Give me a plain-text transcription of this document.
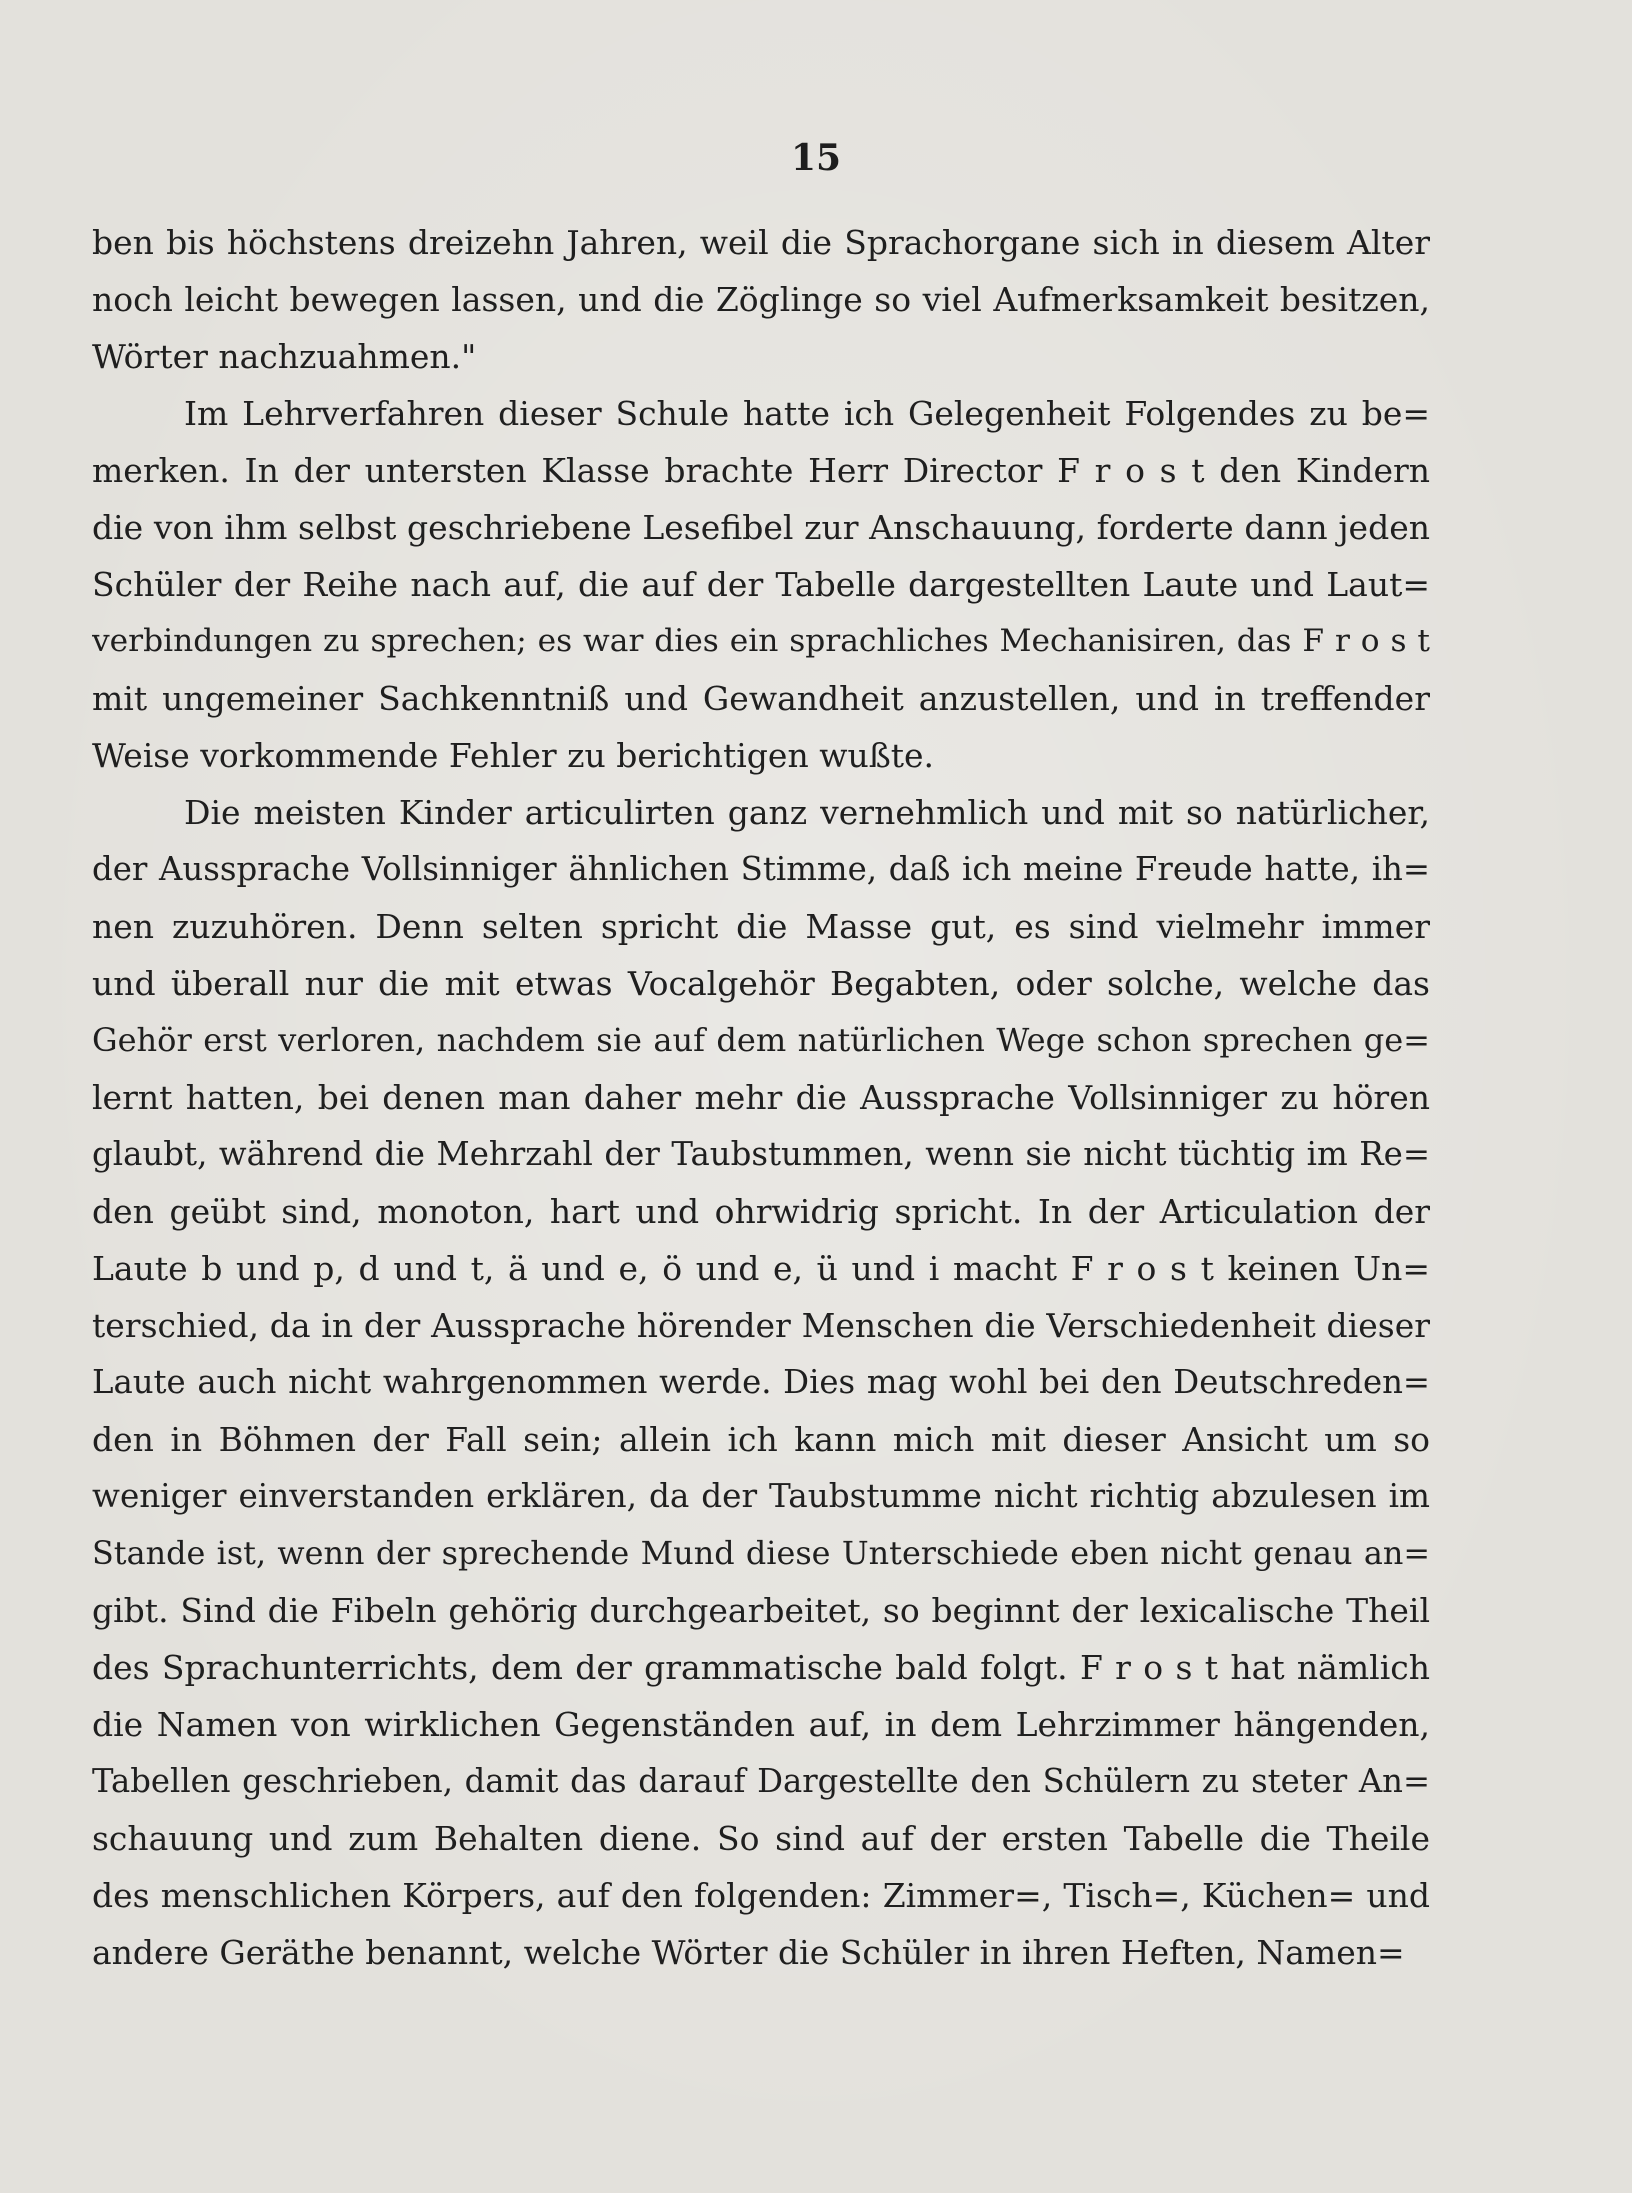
15
ben bis höchstens dreizehn Jahren, weil die Sprachorgane sich in diesem Alter
noch leicht bewegen lassen, und die Zöglinge so viel Aufmerksamkeit besitzen,
Wörter nachzuahmen."
Im Lehrverfahren dieser Schule hatte ich Gelegenheit Folgendes zu be=
merken. In der untersten Klasse brachte Herr Director F r o s t den Kindern
die von ihm selbst geschriebene Lesefibel zur Anschauung, forderte dann jeden
Schüler der Reihe nach auf, die auf der Tabelle dargestellten Laute und Laut=
verbindungen zu sprechen; es war dies ein sprachliches Mechanisiren, das F r o s t
mit ungemeiner Sachkenntniß und Gewandheit anzustellen, und in treffender
Weise vorkommende Fehler zu berichtigen wußte.
Die meisten Kinder articulirten ganz vernehmlich und mit so natürlicher,
der Aussprache Vollsinniger ähnlichen Stimme, daß ich meine Freude hatte, ih=
nen zuzuhören. Denn selten spricht die Masse gut, es sind vielmehr immer
und überall nur die mit etwas Vocalgehör Begabten, oder solche, welche das
Gehör erst verloren, nachdem sie auf dem natürlichen Wege schon sprechen ge=
lernt hatten, bei denen man daher mehr die Aussprache Vollsinniger zu hören
glaubt, während die Mehrzahl der Taubstummen, wenn sie nicht tüchtig im Re=
den geübt sind, monoton, hart und ohrwidrig spricht. In der Articulation der
Laute b und p, d und t, ä und e, ö und e, ü und i macht F r o s t keinen Un=
terschied, da in der Aussprache hörender Menschen die Verschiedenheit dieser
Laute auch nicht wahrgenommen werde. Dies mag wohl bei den Deutschreden=
den in Böhmen der Fall sein; allein ich kann mich mit dieser Ansicht um so
weniger einverstanden erklären, da der Taubstumme nicht richtig abzulesen im
Stande ist, wenn der sprechende Mund diese Unterschiede eben nicht genau an=
gibt. Sind die Fibeln gehörig durchgearbeitet, so beginnt der lexicalische Theil
des Sprachunterrichts, dem der grammatische bald folgt. F r o s t hat nämlich
die Namen von wirklichen Gegenständen auf, in dem Lehrzimmer hängenden,
Tabellen geschrieben, damit das darauf Dargestellte den Schülern zu steter An=
schauung und zum Behalten diene. So sind auf der ersten Tabelle die Theile
des menschlichen Körpers, auf den folgenden: Zimmer=, Tisch=, Küchen= und
andere Geräthe benannt, welche Wörter die Schüler in ihren Heften, Namen=
